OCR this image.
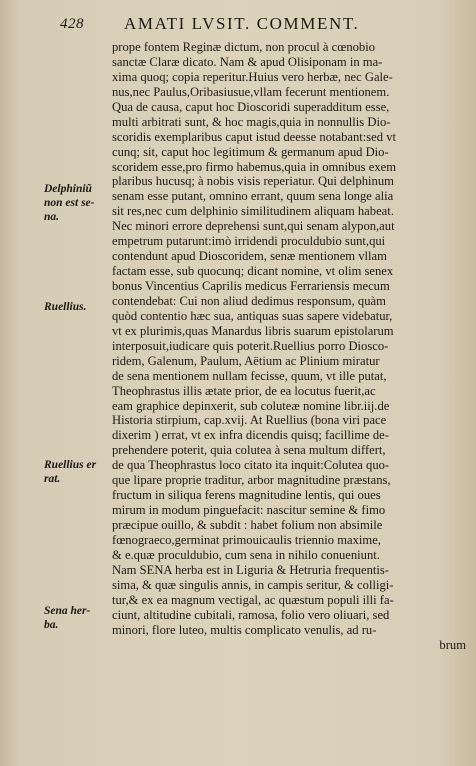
428 AMATI LVSIT. COMMENT.
Delphiniũ
non est se-
na.
Ruellius.
Ruellius er
rat.
Sena her-
ba.
prope fontem Reginæ dictum, non procul à cœnobio
sanctæ Claræ dicato. Nam & apud Olisiponam in ma-
xima quoq; copia reperitur.Huius vero herbæ, nec Gale-
nus,nec Paulus,Oribasiusue,vllam fecerunt mentionem.
Qua de causa, caput hoc Dioscoridi superadditum esse,
multi arbitrati sunt, & hoc magis,quia in nonnullis Dio-
scoridis exemplaribus caput istud deesse notabant:sed vt
cunq; sit, caput hoc legitimum & germanum apud Dio-
scoridem esse,pro firmo habemus,quia in omnibus exem
plaribus hucusq; à nobis visis reperiatur. Qui delphinum
senam esse putant, omnino errant, quum sena longe alia
sit res,nec cum delphinio similitudinem aliquam habeat.
Nec minori errore deprehensi sunt,qui senam alypon,aut
empetrum putarunt:imò irridendi proculdubio sunt,qui
contendunt apud Dioscoridem, senæ mentionem vllam
factam esse, sub quocunq; dicant nomine, vt olim senex
bonus Vincentius Caprilis medicus Ferrariensis mecum
contendebat: Cui non aliud dedimus responsum, quàm
quòd contentio hæc sua, antiquas suas sapere videbatur,
vt ex plurimis,quas Manardus libris suarum epistolarum
interposuit,iudicare quis poterit.Ruellius porro Diosco-
ridem, Galenum, Paulum, Aëtium ac Plinium miratur
de sena mentionem nullam fecisse, quum, vt ille putat,
Theophrastus illis ætate prior, de ea locutus fuerit,ac
eam graphice depinxerit, sub coluteæ nomine libr.iij.de
Historia stirpium, cap.xvij. At Ruellius (bona viri pace
dixerim ) errat, vt ex infra dicendis quisq; facillime de-
prehendere poterit, quia colutea à sena multum differt,
de qua Theophrastus loco citato ita inquit:Colutea quo-
que lipare proprie traditur, arbor magnitudine præstans,
fructum in siliqua ferens magnitudine lentis, qui oues
mirum in modum pinguefacit: nascitur semine & fimo
præcipue ouillo, & subdit : habet folium non absimile
fœnograeco,germinat primouicaulis triennio maxime,
& e.quæ proculdubio, cum sena in nihilo conueniunt.
Nam SENA herba est in Liguria & Hetruria frequentis-
sima, & quæ singulis annis, in campis seritur, & colligi-
tur,& ex ea magnum vectigal, ac quæstum populi illi fa-
ciunt, altitudine cubitali, ramosa, folio vero oliuari, sed
minori, flore luteo, multis complicato venulis, ad ru-
brum
